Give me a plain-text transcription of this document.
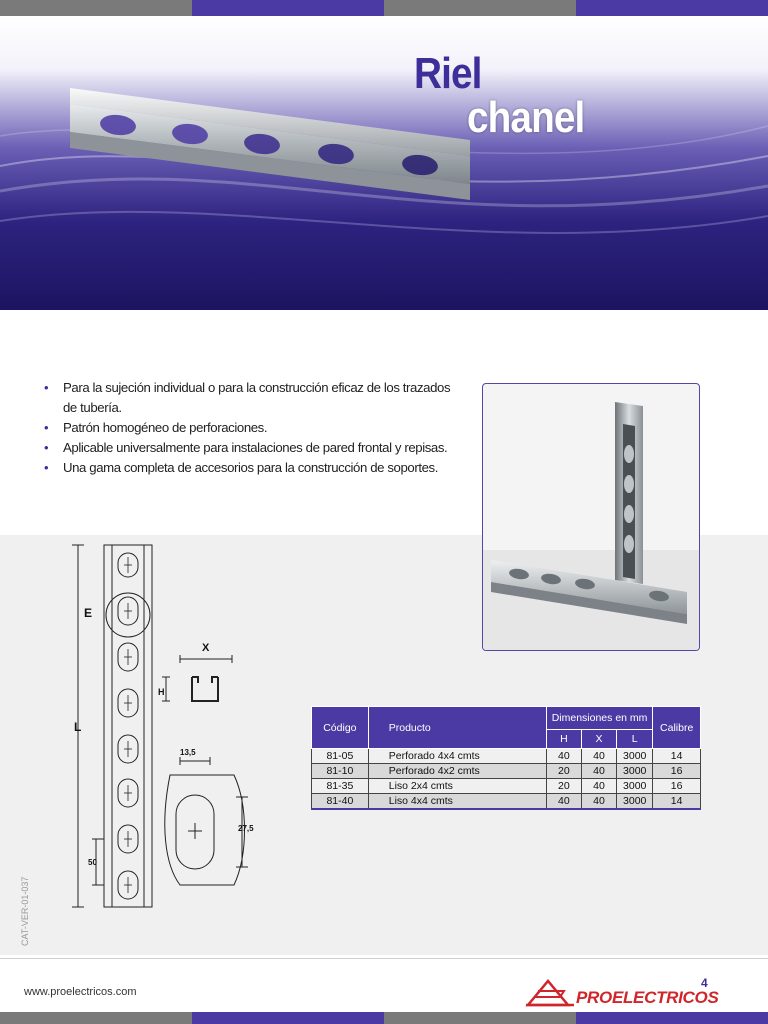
Riel
chanel
• Para la sujeción individual o para la construcción eficaz de los trazados de tubería.
• Patrón homogéneo de perforaciones.
• Aplicable universalmente para instalaciones de pared frontal y repisas.
• Una gama completa de accesorios para la construcción de soportes.
E
L
X
H
50
13,5
27,5
Código	Producto	Dimensiones en mm			Calibre
		H	X	L	
81-05	Perforado 4x4 cmts	40	40	3000	14
81-10	Perforado 4x2 cmts	20	40	3000	16
81-35	Liso 2x4 cmts	20	40	3000	16
81-40	Liso 4x4 cmts	40	40	3000	14
CAT-VER-01-037
www.proelectricos.com
4
PROELECTRICOS
